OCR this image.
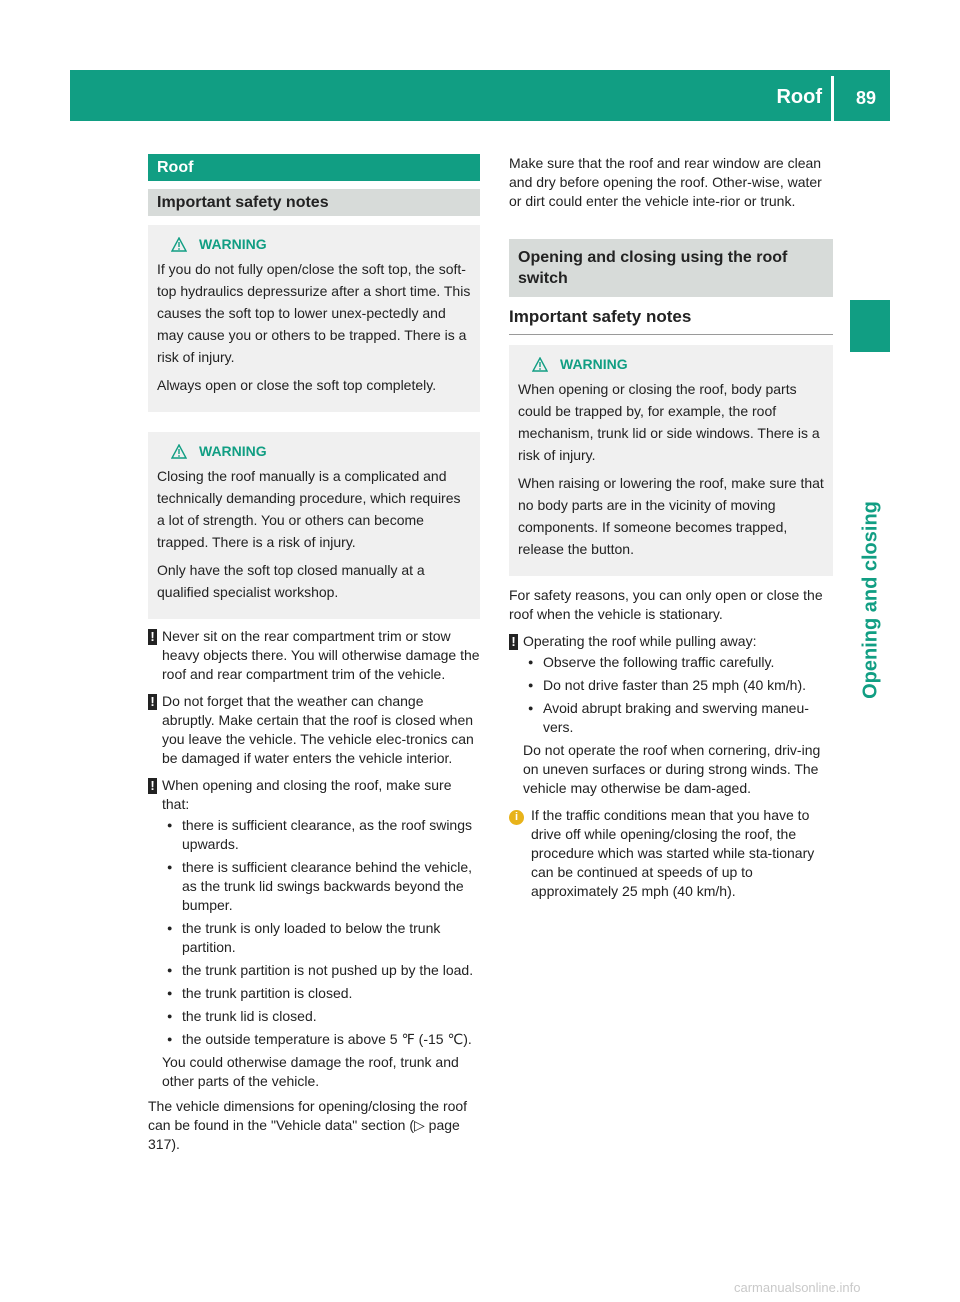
Roof 89
Opening and closing
Roof
Important safety notes
WARNING

If you do not fully open/close the soft top, the soft-top hydraulics depressurize after a short time. This causes the soft top to lower unex-pectedly and may cause you or others to be trapped. There is a risk of injury.

Always open or close the soft top completely.

WARNING

Closing the roof manually is a complicated and technically demanding procedure, which requires a lot of strength. You or others can become trapped. There is a risk of injury.

Only have the soft top closed manually at a qualified specialist workshop.

! Never sit on the rear compartment trim or stow heavy objects there. You will otherwise damage the roof and rear compartment trim of the vehicle.

! Do not forget that the weather can change abruptly. Make certain that the roof is closed when you leave the vehicle. The vehicle elec-tronics can be damaged if water enters the vehicle interior.

! When opening and closing the roof, make sure that:

● there is sufficient clearance, as the roof swings upwards.
● there is sufficient clearance behind the vehicle, as the trunk lid swings backwards beyond the bumper.
● the trunk is only loaded to below the trunk partition.
● the trunk partition is not pushed up by the load.
● the trunk partition is closed.
● the trunk lid is closed.
● the outside temperature is above 5 ℉ (‑15 ℃).

You could otherwise damage the roof, trunk and other parts of the vehicle.

The vehicle dimensions for opening/closing the roof can be found in the "Vehicle data" section (▷ page 317).

Make sure that the roof and rear window are clean and dry before opening the roof. Other-wise, water or dirt could enter the vehicle inte-rior or trunk.

Opening and closing using the roof switch
Important safety notes
WARNING

When opening or closing the roof, body parts could be trapped by, for example, the roof mechanism, trunk lid or side windows. There is a risk of injury.

When raising or lowering the roof, make sure that no body parts are in the vicinity of moving components. If someone becomes trapped, release the button.

For safety reasons, you can only open or close the roof when the vehicle is stationary.

! Operating the roof while pulling away:

● Observe the following traffic carefully.
● Do not drive faster than 25 mph (40 km/h).
● Avoid abrupt braking and swerving maneu-vers.

Do not operate the roof when cornering, driv-ing on uneven surfaces or during strong winds. The vehicle may otherwise be dam-aged.

i If the traffic conditions mean that you have to drive off while opening/closing the roof, the procedure which was started while sta-tionary can be continued at speeds of up to approximately 25 mph (40 km/h).

carmanualsonline.info
